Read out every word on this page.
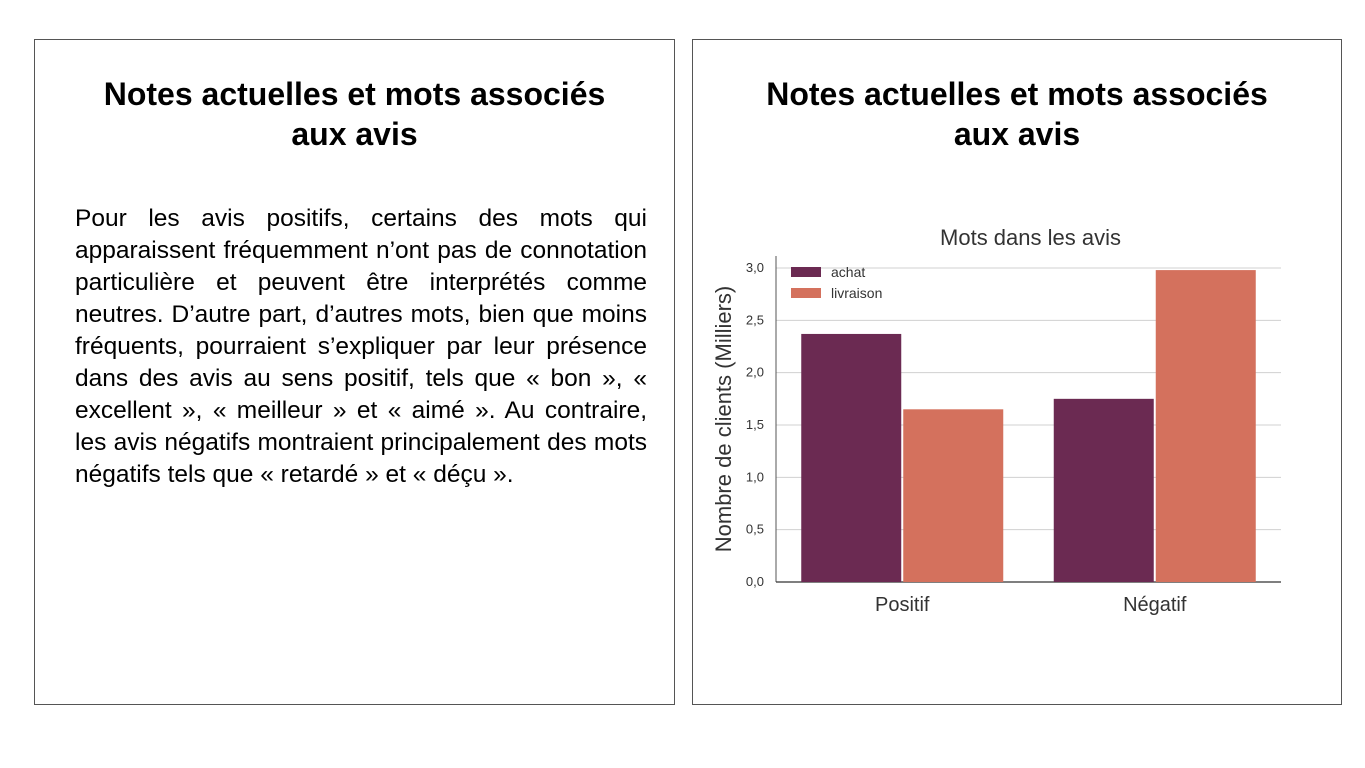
Notes actuelles et mots associés
aux avis

Pour les avis positifs, certains des mots qui apparaissent fréquemment n’ont pas de connotation particulière et peuvent être interprétés comme neutres. D’autre part, d’autres mots, bien que moins fréquents, pourraient s’expliquer par leur présence dans des avis au sens positif, tels que « bon », « excellent », « meilleur » et « aimé ». Au contraire, les avis négatifs montraient principalement des mots négatifs tels que « retardé » et « déçu ».

Notes actuelles et mots associés
aux avis
Mots dans les avis
0,0
0,5
1,0
1,5
2,0
2,5
3,0
Nombre de clients (Milliers)
Positif	Négatif
achat
livraison
